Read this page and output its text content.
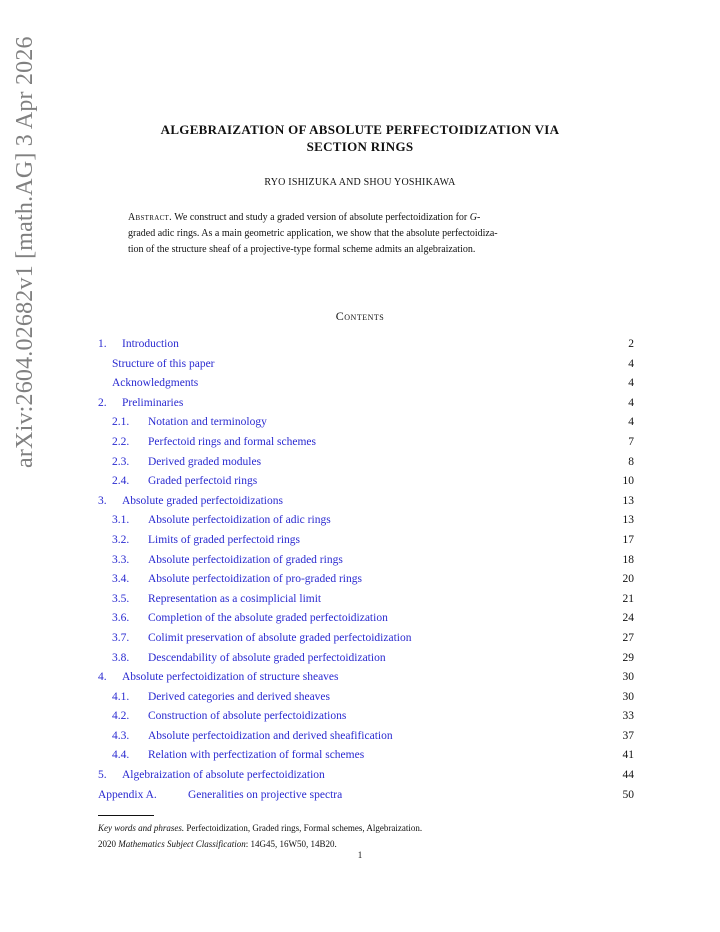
arXiv:2604.02682v1 [math.AG] 3 Apr 2026	ALGEBRAIZATION OF ABSOLUTE PERFECTOIDIZATION VIA
SECTION RINGS
RYO ISHIZUKA AND SHOU YOSHIKAWA
Abstract. We construct and study a graded version of absolute perfectoidization for G-
graded adic rings. As a main geometric application, we show that the absolute perfectoidiza-
tion of the structure sheaf of a projective-type formal scheme admits an algebraization.
Contents
1. Introduction	2
Structure of this paper	4
Acknowledgments	4
2. Preliminaries	4
2.1. Notation and terminology	4
2.2. Perfectoid rings and formal schemes	7
2.3. Derived graded modules	8
2.4. Graded perfectoid rings	10
3. Absolute graded perfectoidizations	13
3.1. Absolute perfectoidization of adic rings	13
3.2. Limits of graded perfectoid rings	17
3.3. Absolute perfectoidization of graded rings	18
3.4. Absolute perfectoidization of pro-graded rings	20
3.5. Representation as a cosimplicial limit	21
3.6. Completion of the absolute graded perfectoidization	24
3.7. Colimit preservation of absolute graded perfectoidization	27
3.8. Descendability of absolute graded perfectoidization	29
4. Absolute perfectoidization of structure sheaves	30
4.1. Derived categories and derived sheaves	30
4.2. Construction of absolute perfectoidizations	33
4.3. Absolute perfectoidization and derived sheafification	37
4.4. Relation with perfectization of formal schemes	41
5. Algebraization of absolute perfectoidization	44
Appendix A.	Generalities on projective spectra	50
Key words and phrases. Perfectoidization, Graded rings, Formal schemes, Algebraization.
2020 Mathematics Subject Classification: 14G45, 16W50, 14B20.
1
